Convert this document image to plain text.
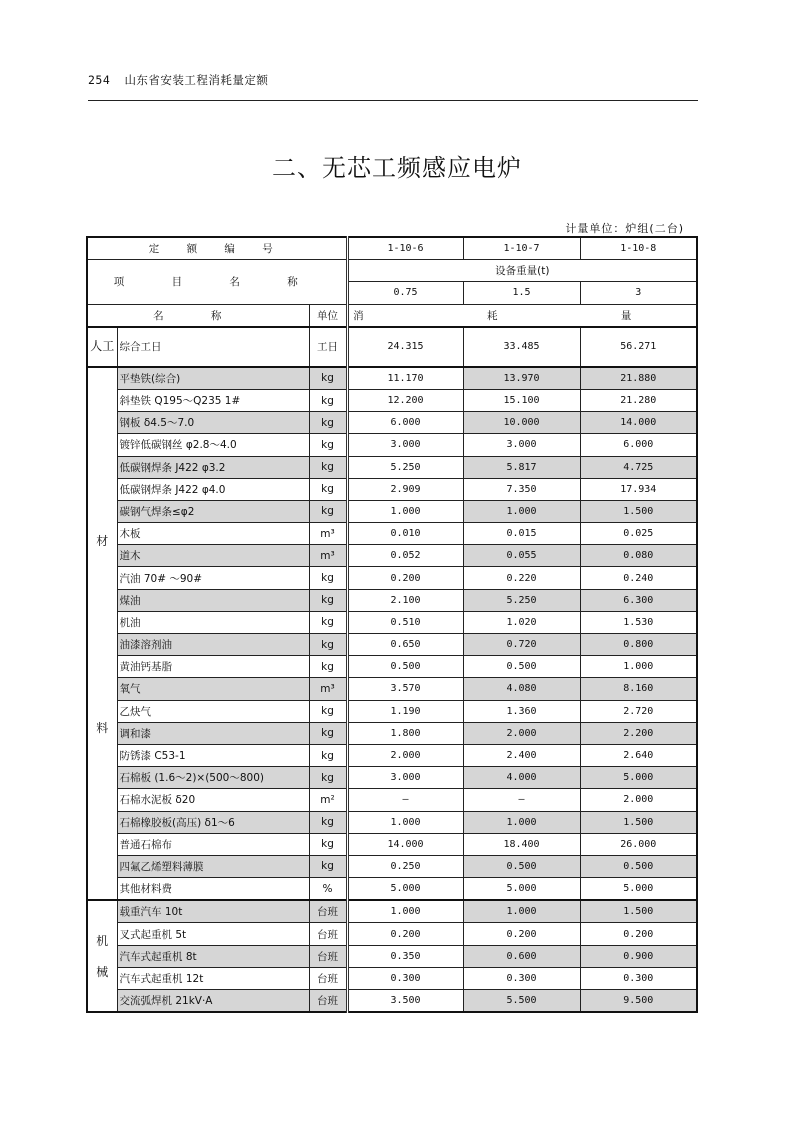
254 山东省安装工程消耗量定额
二、无芯工频感应电炉
计量单位：炉组(二台)
定 额 编 号			1-10-6	1-10-7	1-10-8
项 目 名 称			设备重量(t)		
			0.75	1.5	3
名 称		单位	消 耗 量		
人工	综合工日	工日	24.315	33.485	56.271

材
料	平垫铁(综合)	kg	11.170	13.970	21.880
	斜垫铁 Q195～Q235 1#	kg	12.200	15.100	21.280
	钢板 δ4.5～7.0	kg	6.000	10.000	14.000
	镀锌低碳钢丝 φ2.8～4.0	kg	3.000	3.000	6.000
	低碳钢焊条 J422 φ3.2	kg	5.250	5.817	4.725
	低碳钢焊条 J422 φ4.0	kg	2.909	7.350	17.934
	碳钢气焊条≤φ2	kg	1.000	1.000	1.500
	木板	m³	0.010	0.015	0.025
	道木	m³	0.052	0.055	0.080
	汽油 70# ～90#	kg	0.200	0.220	0.240
	煤油	kg	2.100	5.250	6.300
	机油	kg	0.510	1.020	1.530
	油漆溶剂油	kg	0.650	0.720	0.800
	黄油钙基脂	kg	0.500	0.500	1.000
	氧气	m³	3.570	4.080	8.160
	乙炔气	kg	1.190	1.360	2.720
	调和漆	kg	1.800	2.000	2.200
	防锈漆 C53-1	kg	2.000	2.400	2.640
	石棉板 (1.6～2)×(500～800)	kg	3.000	4.000	5.000
	石棉水泥板 δ20	m²	—	—	2.000
	石棉橡胶板(高压) δ1～6	kg	1.000	1.000	1.500
	普通石棉布	kg	14.000	18.400	26.000
	四氟乙烯塑料薄膜	kg	0.250	0.500	0.500
	其他材料费	%	5.000	5.000	5.000

机
械	载重汽车 10t	台班	1.000	1.000	1.500
	叉式起重机 5t	台班	0.200	0.200	0.200
	汽车式起重机 8t	台班	0.350	0.600	0.900
	汽车式起重机 12t	台班	0.300	0.300	0.300
	交流弧焊机 21kV·A	台班	3.500	5.500	9.500
